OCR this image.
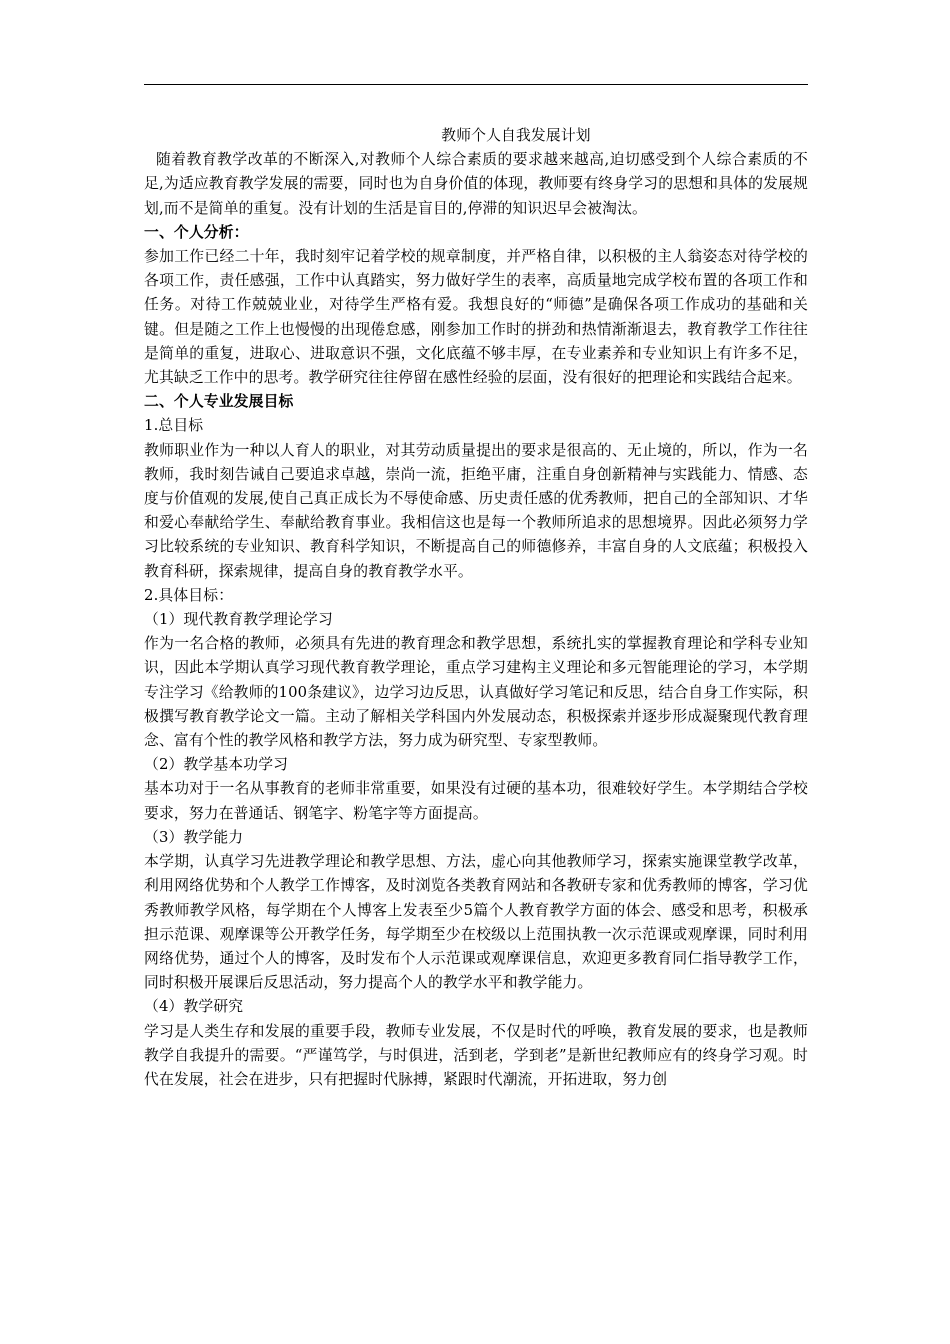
教师个人自我发展计划

随着教育教学改革的不断深入,对教师个人综合素质的要求越来越高,迫切感受到个人综合素质的不足,为适应教育教学发展的需要，同时也为自身价值的体现，教师要有终身学习的思想和具体的发展规划,而不是简单的重复。没有计划的生活是盲目的,停滞的知识迟早会被淘汰。

一、个人分析：

参加工作已经二十年，我时刻牢记着学校的规章制度，并严格自律，以积极的主人翁姿态对待学校的各项工作，责任感强，工作中认真踏实，努力做好学生的表率，高质量地完成学校布置的各项工作和任务。对待工作兢兢业业，对待学生严格有爱。我想良好的“师德”是确保各项工作成功的基础和关键。但是随之工作上也慢慢的出现倦怠感，刚参加工作时的拼劲和热情渐渐退去，教育教学工作往往是简单的重复，进取心、进取意识不强，文化底蕴不够丰厚，在专业素养和专业知识上有许多不足，尤其缺乏工作中的思考。教学研究往往停留在感性经验的层面，没有很好的把理论和实践结合起来。

二、个人专业发展目标

1.总目标

教师职业作为一种以人育人的职业，对其劳动质量提出的要求是很高的、无止境的，所以，作为一名教师，我时刻告诫自己要追求卓越，崇尚一流，拒绝平庸，注重自身创新精神与实践能力、情感、态度与价值观的发展,使自己真正成长为不辱使命感、历史责任感的优秀教师，把自己的全部知识、才华和爱心奉献给学生、奉献给教育事业。我相信这也是每一个教师所追求的思想境界。因此必须努力学习比较系统的专业知识、教育科学知识，不断提高自己的师德修养，丰富自身的人文底蕴；积极投入教育科研，探索规律，提高自身的教育教学水平。

2.具体目标：

（1）现代教育教学理论学习

作为一名合格的教师，必须具有先进的教育理念和教学思想，系统扎实的掌握教育理论和学科专业知识，因此本学期认真学习现代教育教学理论，重点学习建构主义理论和多元智能理论的学习，本学期专注学习《给教师的100条建议》，边学习边反思，认真做好学习笔记和反思，结合自身工作实际，积极撰写教育教学论文一篇。主动了解相关学科国内外发展动态，积极探索并逐步形成凝聚现代教育理念、富有个性的教学风格和教学方法，努力成为研究型、专家型教师。

（2）教学基本功学习

基本功对于一名从事教育的老师非常重要，如果没有过硬的基本功，很难较好学生。本学期结合学校要求，努力在普通话、钢笔字、粉笔字等方面提高。

（3）教学能力

本学期，认真学习先进教学理论和教学思想、方法，虚心向其他教师学习，探索实施课堂教学改革，利用网络优势和个人教学工作博客，及时浏览各类教育网站和各教研专家和优秀教师的博客，学习优秀教师教学风格，每学期在个人博客上发表至少5篇个人教育教学方面的体会、感受和思考，积极承担示范课、观摩课等公开教学任务，每学期至少在校级以上范围执教一次示范课或观摩课，同时利用网络优势，通过个人的博客，及时发布个人示范课或观摩课信息，欢迎更多教育同仁指导教学工作，同时积极开展课后反思活动，努力提高个人的教学水平和教学能力。

（4）教学研究

学习是人类生存和发展的重要手段，教师专业发展，不仅是时代的呼唤，教育发展的要求，也是教师教学自我提升的需要。“严谨笃学，与时俱进，活到老，学到老”是新世纪教师应有的终身学习观。时代在发展，社会在进步，只有把握时代脉搏，紧跟时代潮流，开拓进取，努力创
